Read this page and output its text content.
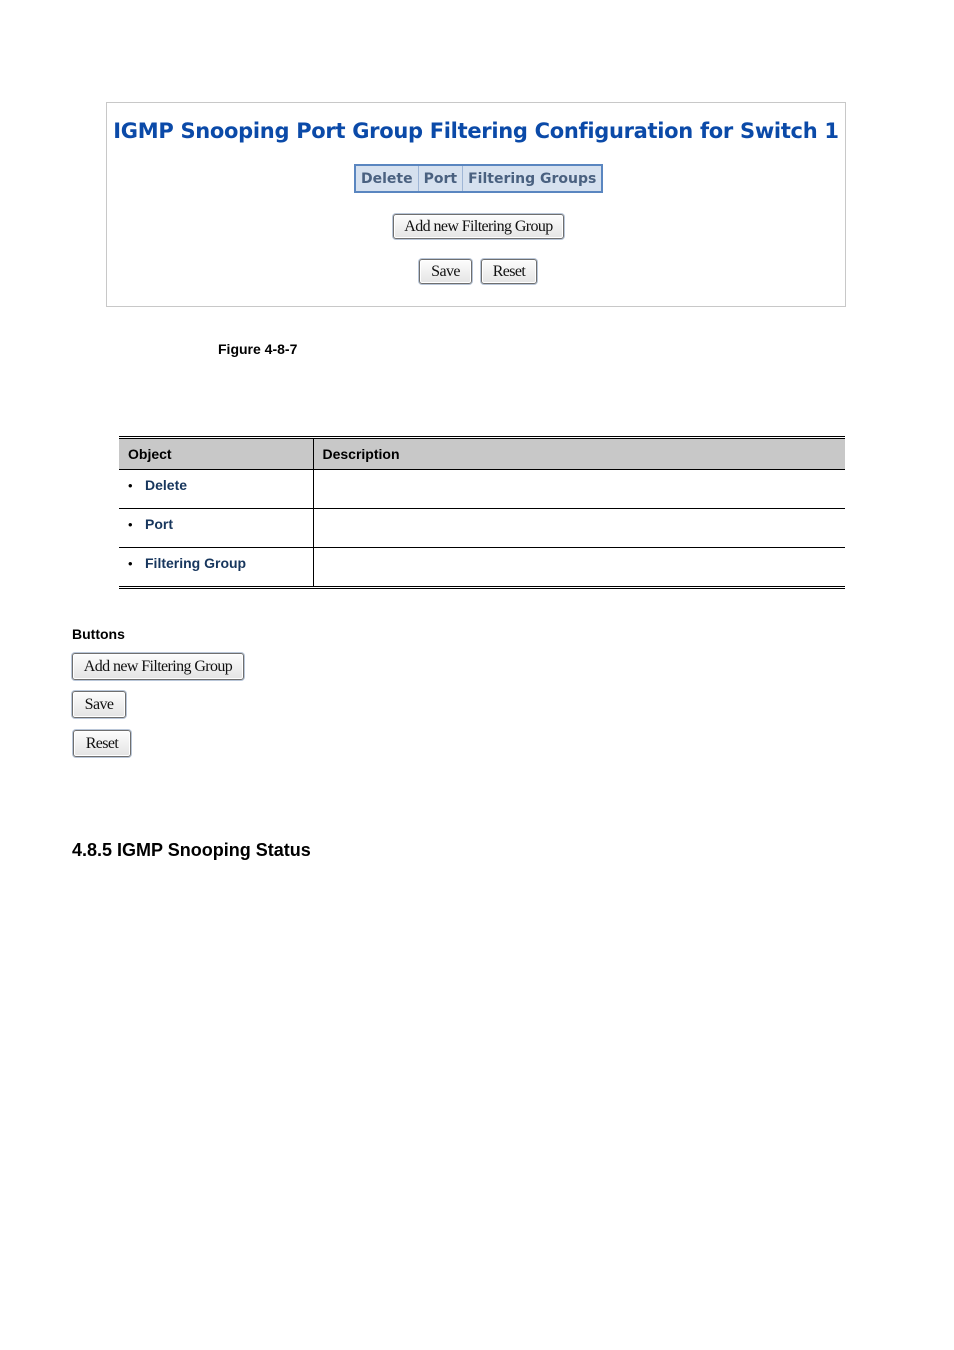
IGMP Snooping Port Group Filtering Configuration for Switch 1
Delete	Port	Filtering Groups
Add new Filtering Group
Save	Reset
Figure 4-8-7
Object	Description
• Delete	
• Port	
• Filtering Group	
Buttons
Add new Filtering Group
Save
Reset
4.8.5 IGMP Snooping Status
